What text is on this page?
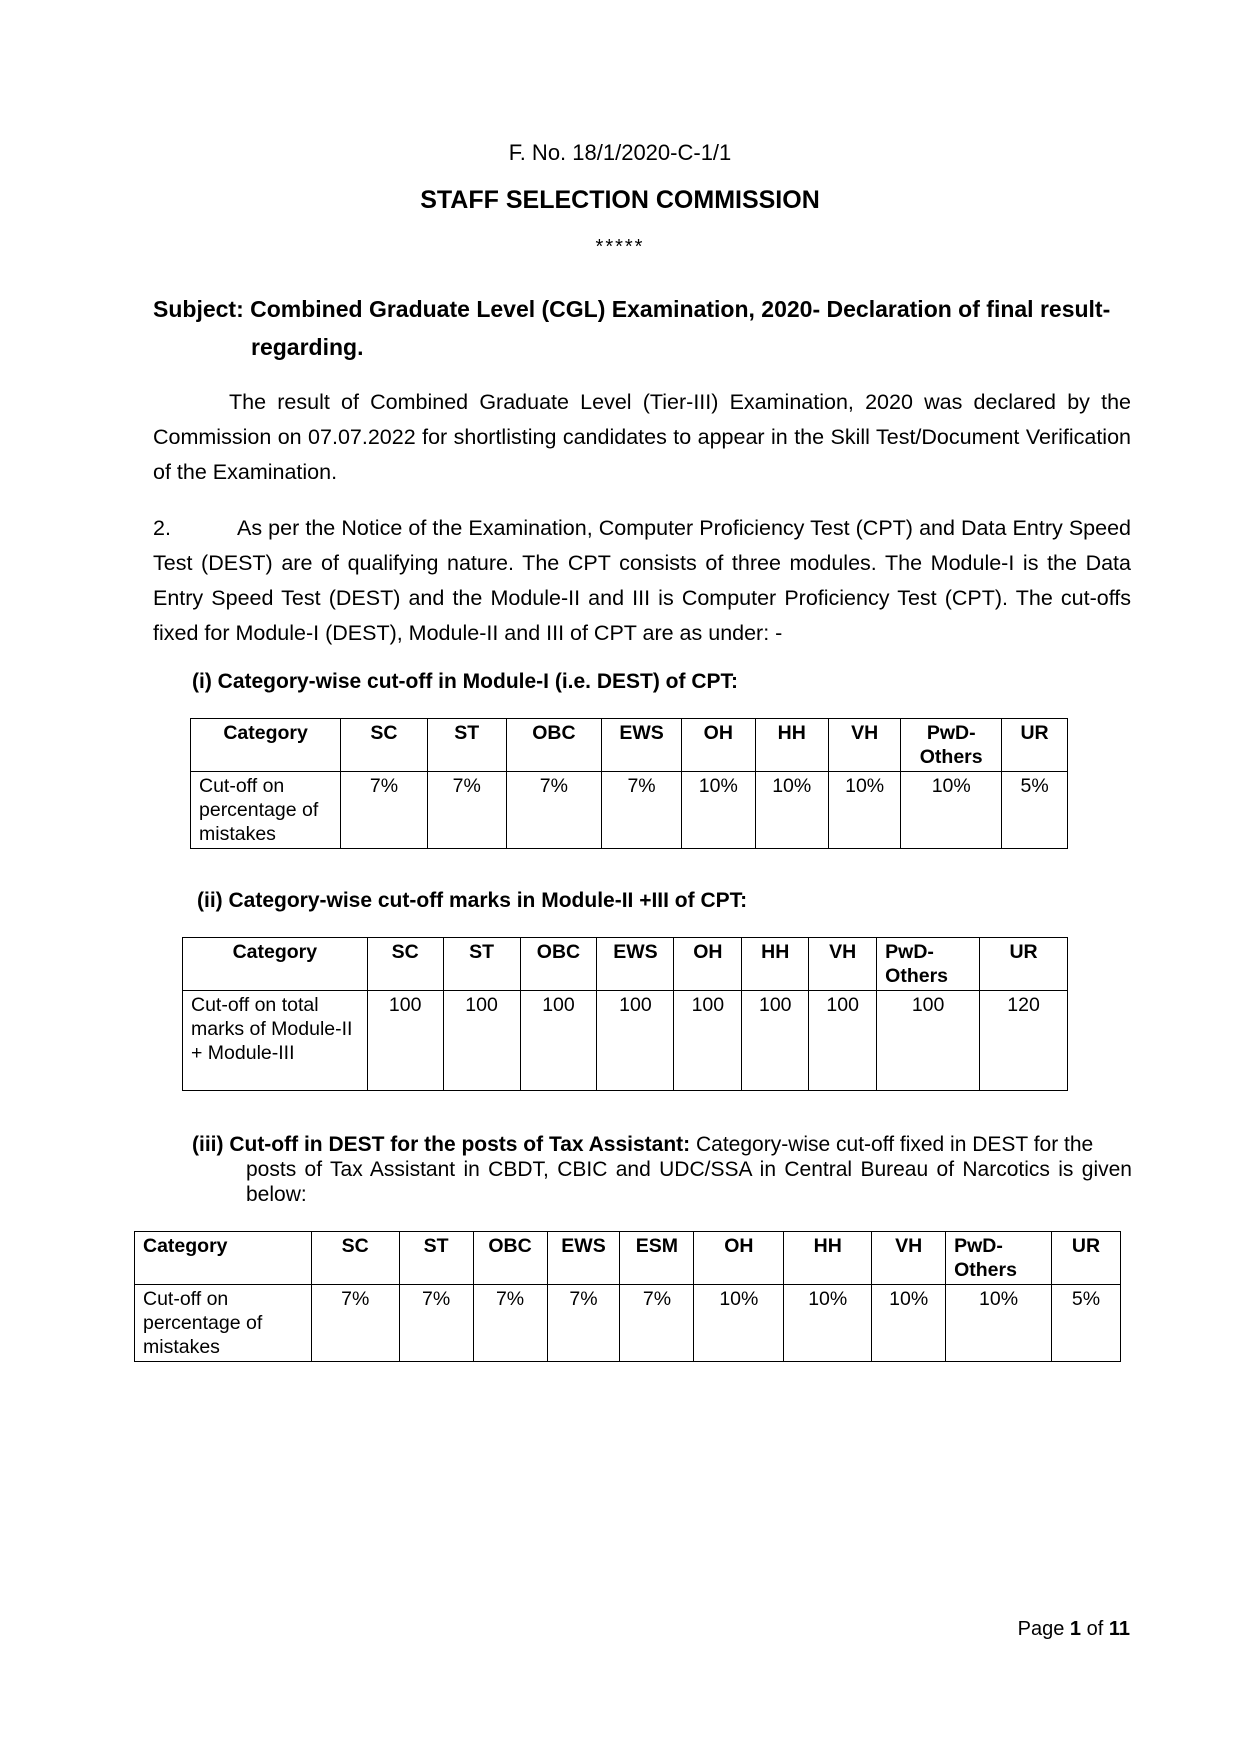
F. No. 18/1/2020-C-1/1
STAFF SELECTION COMMISSION
*****
Subject: Combined Graduate Level (CGL) Examination, 2020- Declaration of final result-
regarding.
The result of Combined Graduate Level (Tier-III) Examination, 2020 was declared by the Commission on 07.07.2022 for shortlisting candidates to appear in the Skill Test/Document Verification of the Examination.
2.	As per the Notice of the Examination, Computer Proficiency Test (CPT) and Data Entry Speed Test (DEST) are of qualifying nature. The CPT consists of three modules. The Module-I is the Data Entry Speed Test (DEST) and the Module-II and III is Computer Proficiency Test (CPT). The cut-offs fixed for Module-I (DEST), Module-II and III of CPT are as under: -
(i) Category-wise cut-off in Module-I (i.e. DEST) of CPT:
Category	SC	ST	OBC	EWS	OH	HH	VH	PwD-Others	UR
Cut-off on percentage of mistakes	7%	7%	7%	7%	10%	10%	10%	10%	5%
(ii) Category-wise cut-off marks in Module-II +III of CPT:
Category	SC	ST	OBC	EWS	OH	HH	VH	PwD-Others	UR
Cut-off on total marks of Module-II + Module-III	100	100	100	100	100	100	100	100	120
(iii) Cut-off in DEST for the posts of Tax Assistant: Category-wise cut-off fixed in DEST for the
posts of Tax Assistant in CBDT, CBIC and UDC/SSA in Central Bureau of Narcotics is given below:
Category	SC	ST	OBC	EWS	ESM	OH	HH	VH	PwD-Others	UR
Cut-off on percentage of mistakes	7%	7%	7%	7%	7%	10%	10%	10%	10%	5%
Page 1 of 11
